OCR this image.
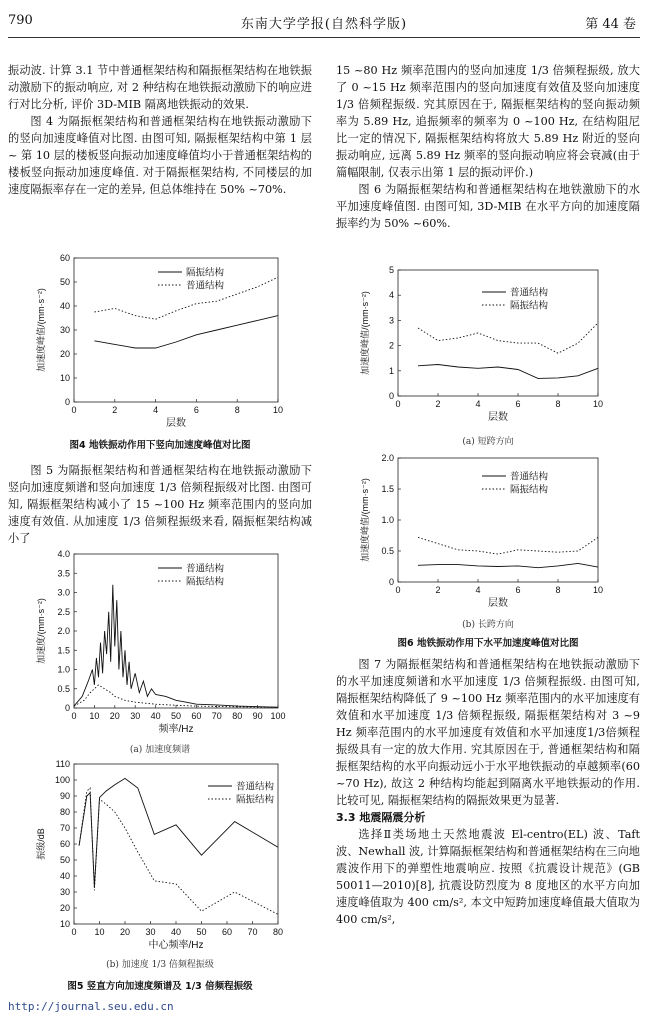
790	东南大学学报(自然科学版)	第 44 卷

振动波. 计算 3.1 节中普通框架结构和隔振框架结构在地铁振动激励下的振动响应, 对 2 种结构在地铁振动激励下的响应进行对比分析, 评价 3D-MIB 隔离地铁振动的效果.

图 4 为隔振框架结构和普通框架结构在地铁振动激励下的竖向加速度峰值对比图. 由图可知, 隔振框架结构中第 1 层 ~ 第 10 层的楼板竖向振动加速度峰值均小于普通框架结构的楼板竖向振动加速度峰值. 对于隔振框架结构, 不同楼层的加速度隔振率存在一定的差异, 但总体维持在 50% ~70%.

0	2	4	6	8	10
0
10
20
30
40
50
60
层数
加速度峰值/(mm·s⁻²)
隔振结构
普通结构
图4 地铁振动作用下竖向加速度峰值对比图

图 5 为隔振框架结构和普通框架结构在地铁振动激励下竖向加速度频谱和竖向加速度 1/3 倍频程振级对比图. 由图可知, 隔振框架结构减小了 15 ~100 Hz 频率范围内的竖向加速度有效值. 从加速度 1/3 倍频程振级来看, 隔振框架结构减小了

0 10 20 30 40 50 60 70 80 90 100
0
0.5
1.0
1.5
2.0
2.5
3.0
3.5
4.0
频率/Hz
加速度/(mm·s⁻²)
普通结构
隔振结构
(a) 加速度频谱
0 10 20 30 40 50 60 70 80
10
20
30
40
50
60
70
80
90
100
110
中心频率/Hz
振级/dB
普通结构
隔振结构
(b) 加速度 1/3 倍频程振级
图5 竖直方向加速度频谱及 1/3 倍频程振级

15 ~80 Hz 频率范围内的竖向加速度 1/3 倍频程振级, 放大了 0 ~15 Hz 频率范围内的竖向加速度有效值及竖向加速度 1/3 倍频程振级. 究其原因在于, 隔振框架结构的竖向振动频率为 5.89 Hz, 追振频率的频率为 0 ~100 Hz, 在结构阻尼比一定的情况下, 隔振框架结构将放大 5.89 Hz 附近的竖向振动响应, 远离 5.89 Hz 频率的竖向振动响应将会衰减(由于篇幅限制, 仅表示出第 1 层的振动评价.)

图 6 为隔振框架结构和普通框架结构在地铁激励下的水平加速度峰值图. 由图可知, 3D-MIB 在水平方向的加速度隔振率约为 50% ~60%.

0	2	4	6	8	10
0
1
2
3
4
5
层数
加速度峰值/(mm·s⁻²)	普通结构
隔振结构
(a) 短跨方向
0	2	4	6	8	10
0
0.5
1.0
1.5
2.0
层数
加速度峰值/(mm·s⁻²)
普通结构
隔振结构
(b) 长跨方向
图6 地铁振动作用下水平加速度峰值对比图

图 7 为隔振框架结构和普通框架结构在地铁振动激励下的水平加速度频谱和水平加速度 1/3 倍频程振级. 由图可知, 隔振框架结构降低了 9 ~100 Hz 频率范围内的水平加速度有效值和水平加速度 1/3 倍频程振级, 隔振框架结构对 3 ~9 Hz 频率范围内的水平加速度有效值和水平加速度1/3倍频程振级具有一定的放大作用. 究其原因在于, 普通框架结构和隔振框架结构的水平向振动远小于水平地铁振动的卓越频率(60 ~70 Hz), 故这 2 种结构均能起到隔离水平地铁振动的作用. 比较可见, 隔振框架结构的隔振效果更为显著.

3.3 地震隔震分析

选择Ⅱ类场地土天然地震波 El-centro(EL) 波、Taft 波、Newhall 波, 计算隔振框架结构和普通框架结构在三向地震波作用下的弹塑性地震响应. 按照《抗震设计规范》(GB 50011—2010)[8], 抗震设防烈度为 8 度地区的水平方向加速度峰值取为 400 cm/s², 本文中短跨加速度峰值最大值取为 400 cm/s²,

http://journal.seu.edu.cn
